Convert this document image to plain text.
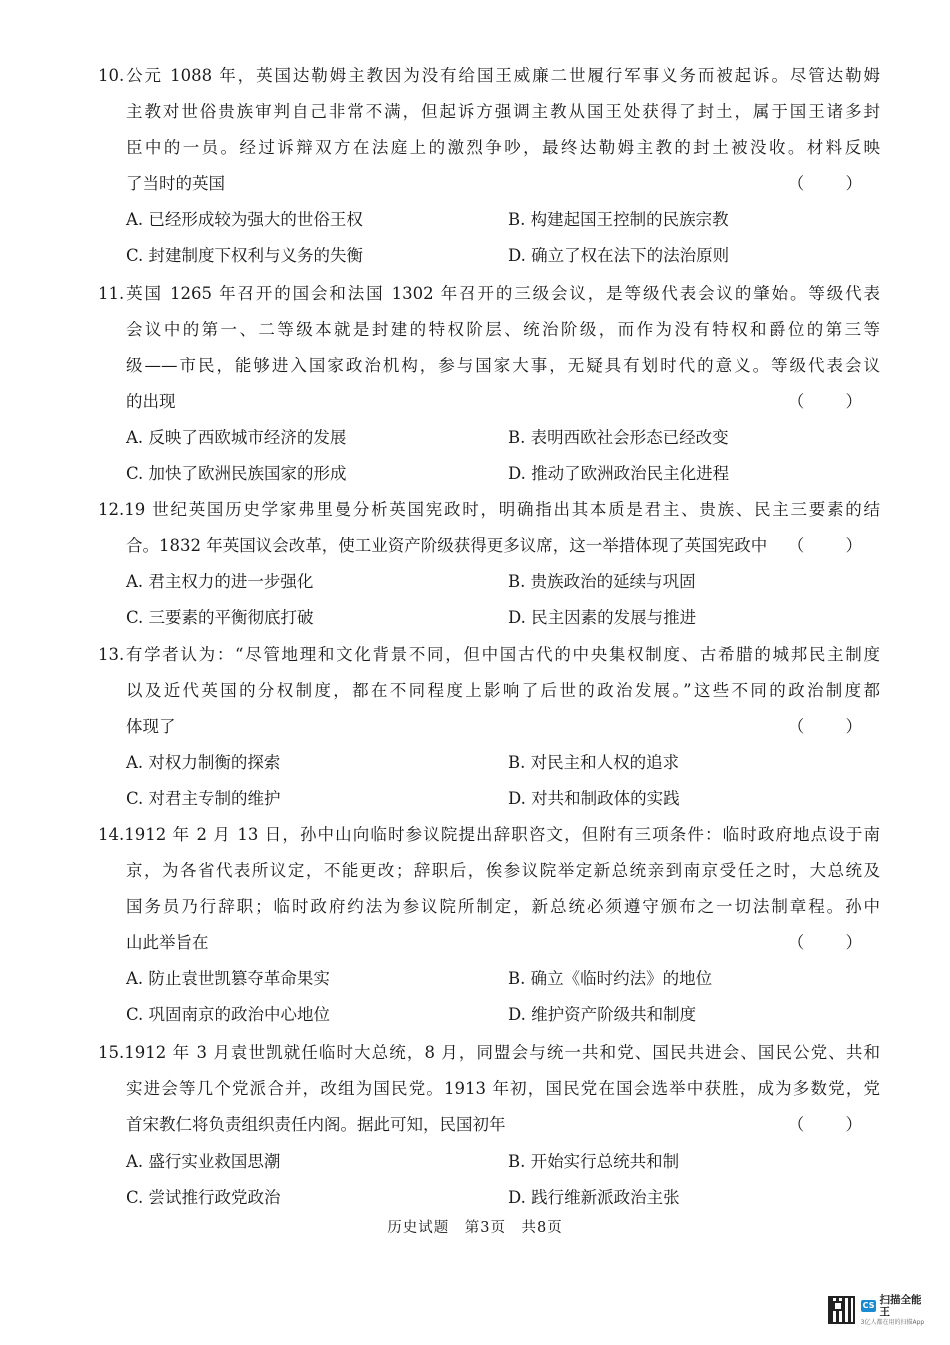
10.公元 1088 年，英国达勒姆主教因为没有给国王威廉二世履行军事义务而被起诉。尽管达勒姆
主教对世俗贵族审判自己非常不满，但起诉方强调主教从国王处获得了封土，属于国王诸多封
臣中的一员。经过诉辩双方在法庭上的激烈争吵，最终达勒姆主教的封土被没收。材料反映
了当时的英国	（ ）
A. 已经形成较为强大的世俗王权	B. 构建起国王控制的民族宗教
C. 封建制度下权利与义务的失衡	D. 确立了权在法下的法治原则
11.英国 1265 年召开的国会和法国 1302 年召开的三级会议，是等级代表会议的肇始。等级代表
会议中的第一、二等级本就是封建的特权阶层、统治阶级，而作为没有特权和爵位的第三等
级——市民，能够进入国家政治机构，参与国家大事，无疑具有划时代的意义。等级代表会议
的出现	（ ）
A. 反映了西欧城市经济的发展	B. 表明西欧社会形态已经改变
C. 加快了欧洲民族国家的形成	D. 推动了欧洲政治民主化进程
12.19 世纪英国历史学家弗里曼分析英国宪政时，明确指出其本质是君主、贵族、民主三要素的结
合。1832 年英国议会改革，使工业资产阶级获得更多议席，这一举措体现了英国宪政中	（ ）
A. 君主权力的进一步强化	B. 贵族政治的延续与巩固
C. 三要素的平衡彻底打破	D. 民主因素的发展与推进
13.有学者认为：“尽管地理和文化背景不同，但中国古代的中央集权制度、古希腊的城邦民主制度
以及近代英国的分权制度，都在不同程度上影响了后世的政治发展。”这些不同的政治制度都
体现了	（ ）
A. 对权力制衡的探索	B. 对民主和人权的追求
C. 对君主专制的维护	D. 对共和制政体的实践
14.1912 年 2 月 13 日，孙中山向临时参议院提出辞职咨文，但附有三项条件：临时政府地点设于南
京，为各省代表所议定，不能更改；辞职后，俟参议院举定新总统亲到南京受任之时，大总统及
国务员乃行辞职；临时政府约法为参议院所制定，新总统必须遵守颁布之一切法制章程。孙中
山此举旨在	（ ）
A. 防止袁世凯篡夺革命果实	B. 确立《临时约法》的地位
C. 巩固南京的政治中心地位	D. 维护资产阶级共和制度
15.1912 年 3 月袁世凯就任临时大总统，8 月，同盟会与统一共和党、国民共进会、国民公党、共和
实进会等几个党派合并，改组为国民党。1913 年初，国民党在国会选举中获胜，成为多数党，党
首宋教仁将负责组织责任内阁。据此可知，民国初年	（ ）
A. 盛行实业救国思潮	B. 开始实行总统共和制
C. 尝试推行政党政治	D. 践行维新派政治主张
历史试题　第3页　共8页
CS 扫描全能王
3亿人都在用的扫描App
